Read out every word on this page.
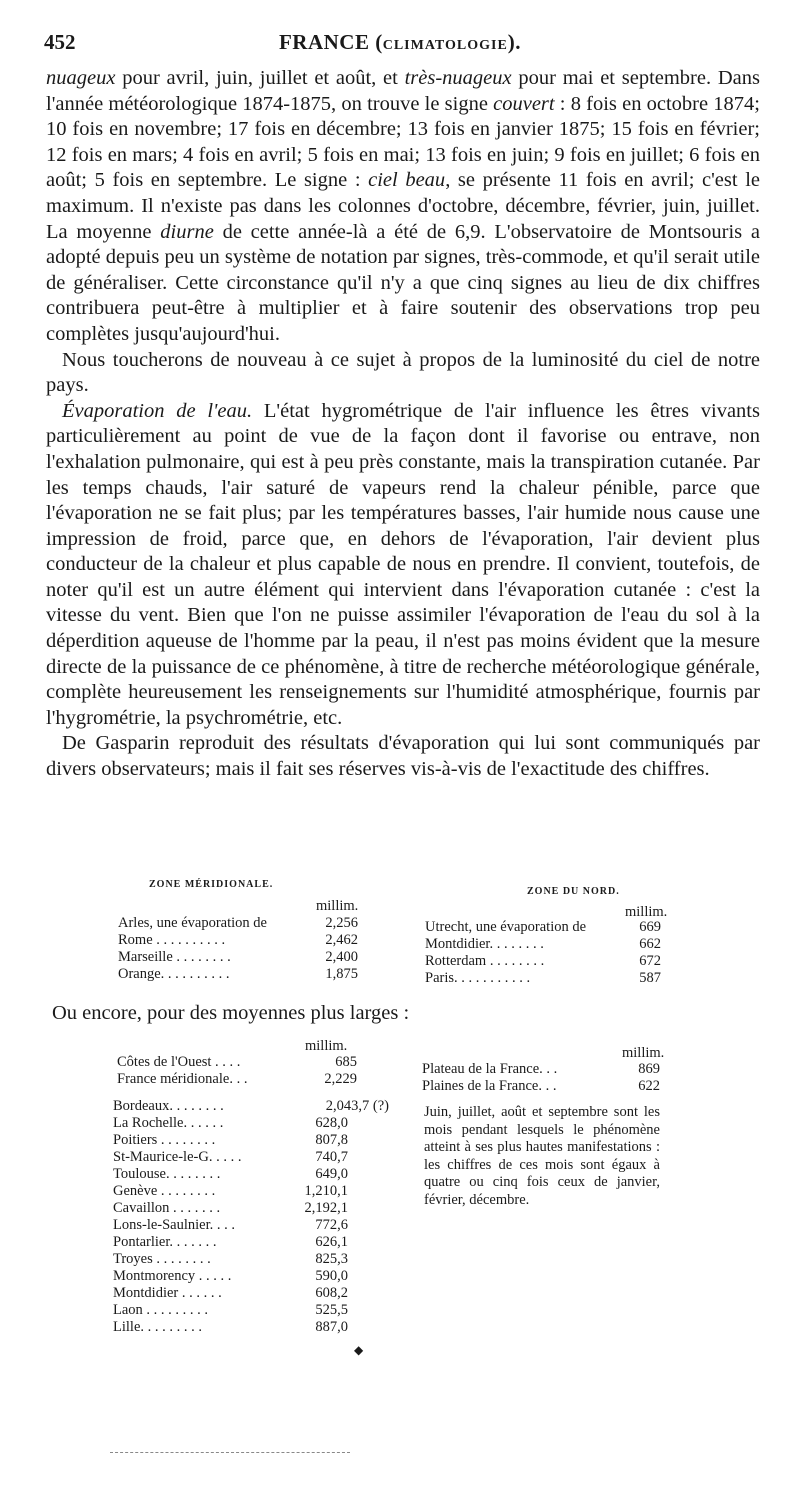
452	FRANCE (CLIMATOLOGIE).

nuageux pour avril, juin, juillet et août, et très-nuageux pour mai et septembre. Dans l'année météorologique 1874-1875, on trouve le signe couvert : 8 fois en octobre 1874; 10 fois en novembre; 17 fois en décembre; 13 fois en janvier 1875; 15 fois en février; 12 fois en mars; 4 fois en avril; 5 fois en mai; 13 fois en juin; 9 fois en juillet; 6 fois en août; 5 fois en septembre. Le signe : ciel beau, se présente 11 fois en avril; c'est le maximum. Il n'existe pas dans les colonnes d'octobre, décembre, février, juin, juillet. La moyenne diurne de cette année-là a été de 6,9. L'observatoire de Montsouris a adopté depuis peu un système de notation par signes, très-commode, et qu'il serait utile de généraliser. Cette circonstance qu'il n'y a que cinq signes au lieu de dix chiffres contribuera peut-être à multiplier et à faire soutenir des observations trop peu complètes jusqu'aujourd'hui.

Nous toucherons de nouveau à ce sujet à propos de la luminosité du ciel de notre pays.

Évaporation de l'eau. L'état hygrométrique de l'air influence les êtres vivants particulièrement au point de vue de la façon dont il favorise ou entrave, non l'exhalation pulmonaire, qui est à peu près constante, mais la transpiration cutanée. Par les temps chauds, l'air saturé de vapeurs rend la chaleur pénible, parce que l'évaporation ne se fait plus; par les températures basses, l'air humide nous cause une impression de froid, parce que, en dehors de l'évaporation, l'air devient plus conducteur de la chaleur et plus capable de nous en prendre. Il convient, toutefois, de noter qu'il est un autre élément qui intervient dans l'évaporation cutanée : c'est la vitesse du vent. Bien que l'on ne puisse assimiler l'évaporation de l'eau du sol à la déperdition aqueuse de l'homme par la peau, il n'est pas moins évident que la mesure directe de la puissance de ce phénomène, à titre de recherche météorologique générale, complète heureusement les renseignements sur l'humidité atmosphérique, fournis par l'hygrométrie, la psychrométrie, etc.

De Gasparin reproduit des résultats d'évaporation qui lui sont communiqués par divers observateurs; mais il fait ses réserves vis-à-vis de l'exactitude des chiffres.

ZONE MÉRIDIONALE.
millim.
Arles, une évaporation de	2,256
Rome . . . . . . . . . .	2,462
Marseille . . . . . . . .	2,400
Orange. . . . . . . . . .	1,875
ZONE DU NORD.
millim.
Utrecht, une évaporation de	669
Montdidier. . . . . . . .	662
Rotterdam . . . . . . . .	672
Paris. . . . . . . . . . .	587
Ou encore, pour des moyennes plus larges :
millim.
Côtes de l'Ouest . . . .	685
France méridionale. . .	2,229
Bordeaux. . . . . . . .	2,043,7 (?)
La Rochelle. . . . . .	628,0
Poitiers . . . . . . . .	807,8
St-Maurice-le-G. . . . .	740,7
Toulouse. . . . . . . .	649,0
Genève . . . . . . . .	1,210,1
Cavaillon . . . . . . .	2,192,1
Lons-le-Saulnier. . . .	772,6
Pontarlier. . . . . . .	626,1
Troyes . . . . . . . .	825,3
Montmorency . . . . .	590,0
Montdidier . . . . . .	608,2
Laon . . . . . . . . .	525,5
Lille. . . . . . . . .	887,0
millim.
Plateau de la France. . .	869
Plaines de la France. . .	622
Juin, juillet, août et septembre sont les mois pendant lesquels le phénomène atteint à ses plus hautes manifestations : les chiffres de ces mois sont égaux à quatre ou cinq fois ceux de janvier, février, décembre.
◆
